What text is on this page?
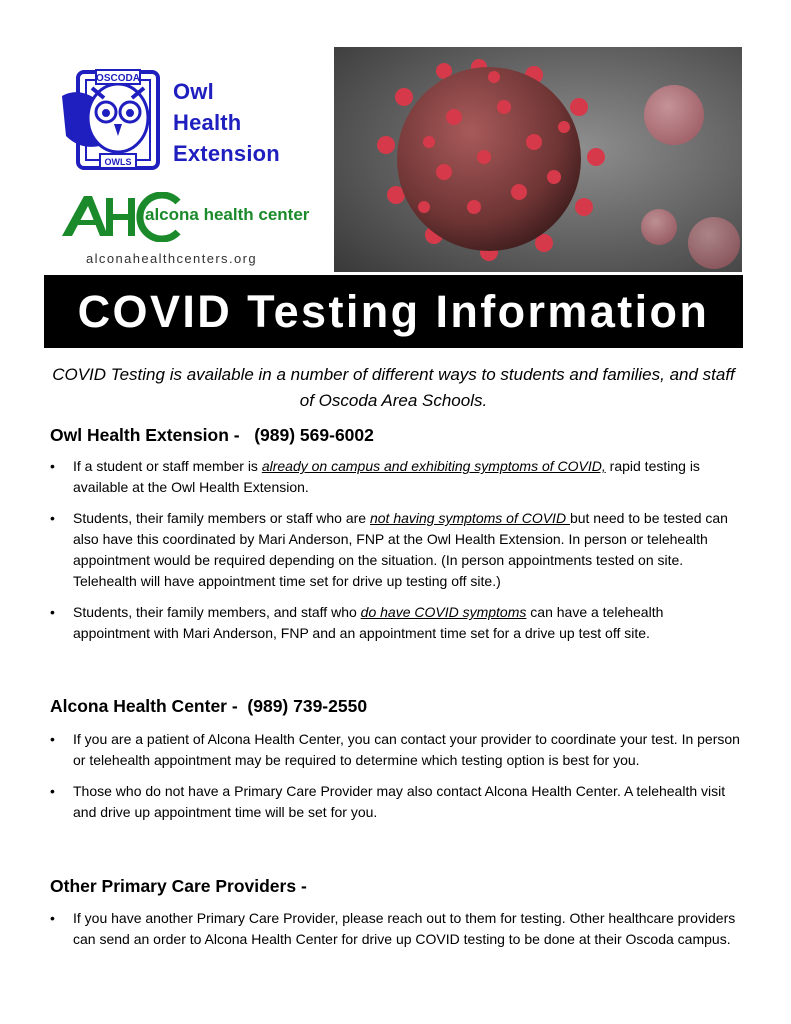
OSCODA
OWLS
Owl
Health
Extension
alcona health center
alconahealthcenters.org
COVID Testing Information
COVID Testing is available in a number of different ways to students and families, and staff of Oscoda Area Schools.
Owl Health Extension -   (989) 569-6002
• If a student or staff member is already on campus and exhibiting symptoms of COVID, rapid testing is available at the Owl Health Extension.
• Students, their family members or staff who are not having symptoms of COVID but need to be tested can also have this coordinated by Mari Anderson, FNP at the Owl Health Extension. In person or telehealth appointment would be required depending on the situation. (In person appointments tested on site. Telehealth will have appointment time set for drive up testing off site.)
• Students, their family members, and staff who do have COVID symptoms can have a telehealth appointment with Mari Anderson, FNP and an appointment time set for a drive up test off site.
Alcona Health Center -  (989) 739-2550
• If you are a patient of Alcona Health Center, you can contact your provider to coordinate your test. In person or telehealth appointment may be required to determine which testing option is best for you.
• Those who do not have a Primary Care Provider may also contact Alcona Health Center. A telehealth visit and drive up appointment time will be set for you.
Other Primary Care Providers -
• If you have another Primary Care Provider, please reach out to them for testing. Other healthcare providers can send an order to Alcona Health Center for drive up COVID testing to be done at their Oscoda campus.
